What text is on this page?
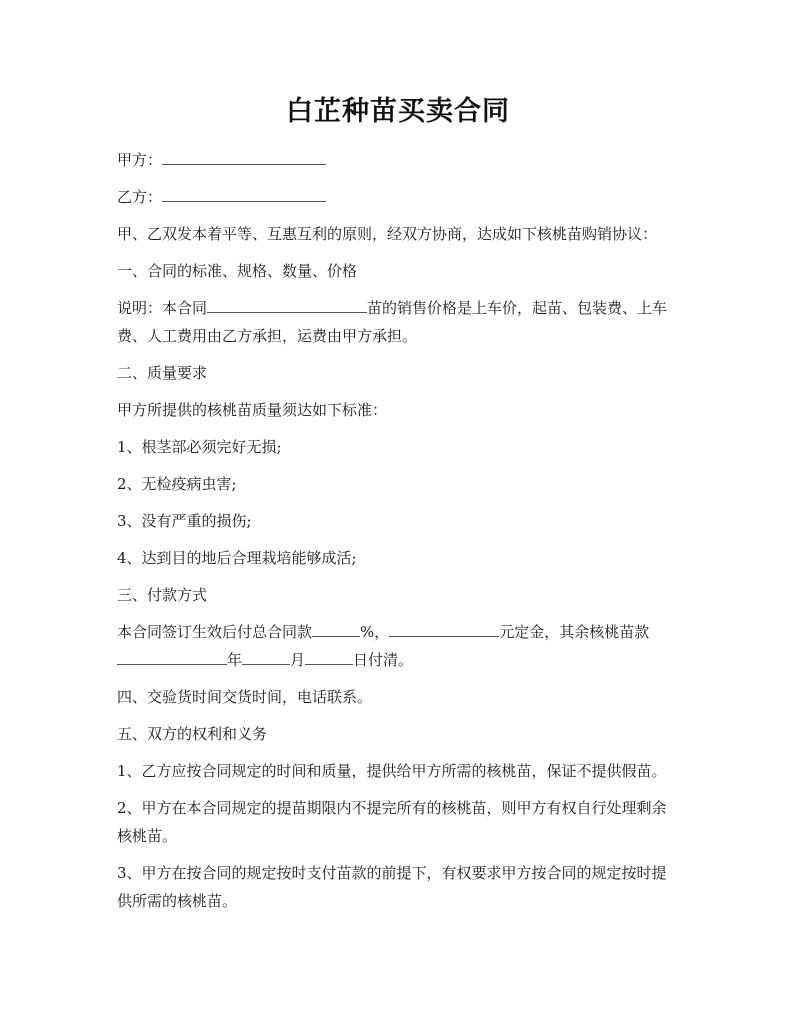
白芷种苗买卖合同

甲方：

乙方：

甲、乙双发本着平等、互惠互利的原则，经双方协商，达成如下核桃苗购销协议：

一、合同的标准、规格、数量、价格

说明：本合同	苗的销售价格是上车价，起苗、包装费、上车费、人工费用由乙方承担，运费由甲方承担。

二、质量要求

甲方所提供的核桃苗质量须达如下标准：

1、根茎部必须完好无损;

2、无检疫病虫害;

3、没有严重的损伤;

4、达到目的地后合理栽培能够成活;

三、付款方式

本合同签订生效后付总合同款	%，	元定金，其余核桃苗款年	月	日付清。

四、交验货时间交货时间，电话联系。

五、双方的权利和义务

1、乙方应按合同规定的时间和质量，提供给甲方所需的核桃苗，保证不提供假苗。

2、甲方在本合同规定的提苗期限内不提完所有的核桃苗，则甲方有权自行处理剩余核桃苗。

3、甲方在按合同的规定按时支付苗款的前提下，有权要求甲方按合同的规定按时提供所需的核桃苗。
